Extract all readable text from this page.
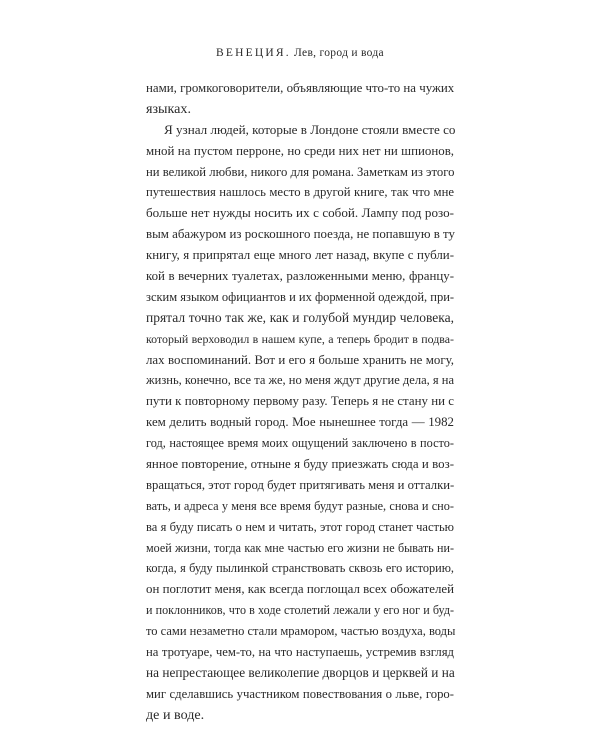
ВЕНЕЦИЯ. Лев, город и вода
нами, громкоговорители, объявляющие что-то на чужих
языках.
Я узнал людей, которые в Лондоне стояли вместе со
мной на пустом перроне, но среди них нет ни шпионов,
ни великой любви, никого для романа. Заметкам из этого
путешествия нашлось место в другой книге, так что мне
больше нет нужды носить их с собой. Лампу под розо-
вым абажуром из роскошного поезда, не попавшую в ту
книгу, я припрятал еще много лет назад, вкупе с публи-
кой в вечерних туалетах, разложенными меню, францу-
зским языком официантов и их форменной одеждой, при-
прятал точно так же, как и голубой мундир человека,
который верховодил в нашем купе, а теперь бродит в подва-
лах воспоминаний. Вот и его я больше хранить не могу,
жизнь, конечно, все та же, но меня ждут другие дела, я на
пути к повторному первому разу. Теперь я не стану ни с
кем делить водный город. Мое нынешнее тогда — 1982
год, настоящее время моих ощущений заключено в посто-
янное повторение, отныне я буду приезжать сюда и воз-
вращаться, этот город будет притягивать меня и отталки-
вать, и адреса у меня все время будут разные, снова и сно-
ва я буду писать о нем и читать, этот город станет частью
моей жизни, тогда как мне частью его жизни не бывать ни-
когда, я буду пылинкой странствовать сквозь его историю,
он поглотит меня, как всегда поглощал всех обожателей
и поклонников, что в ходе столетий лежали у его ног и буд-
то сами незаметно стали мрамором, частью воздуха, воды
на тротуаре, чем-то, на что наступаешь, устремив взгляд
на непрестающее великолепие дворцов и церквей и на
миг сделавшись участником повествования о льве, горо-
де и воде.
